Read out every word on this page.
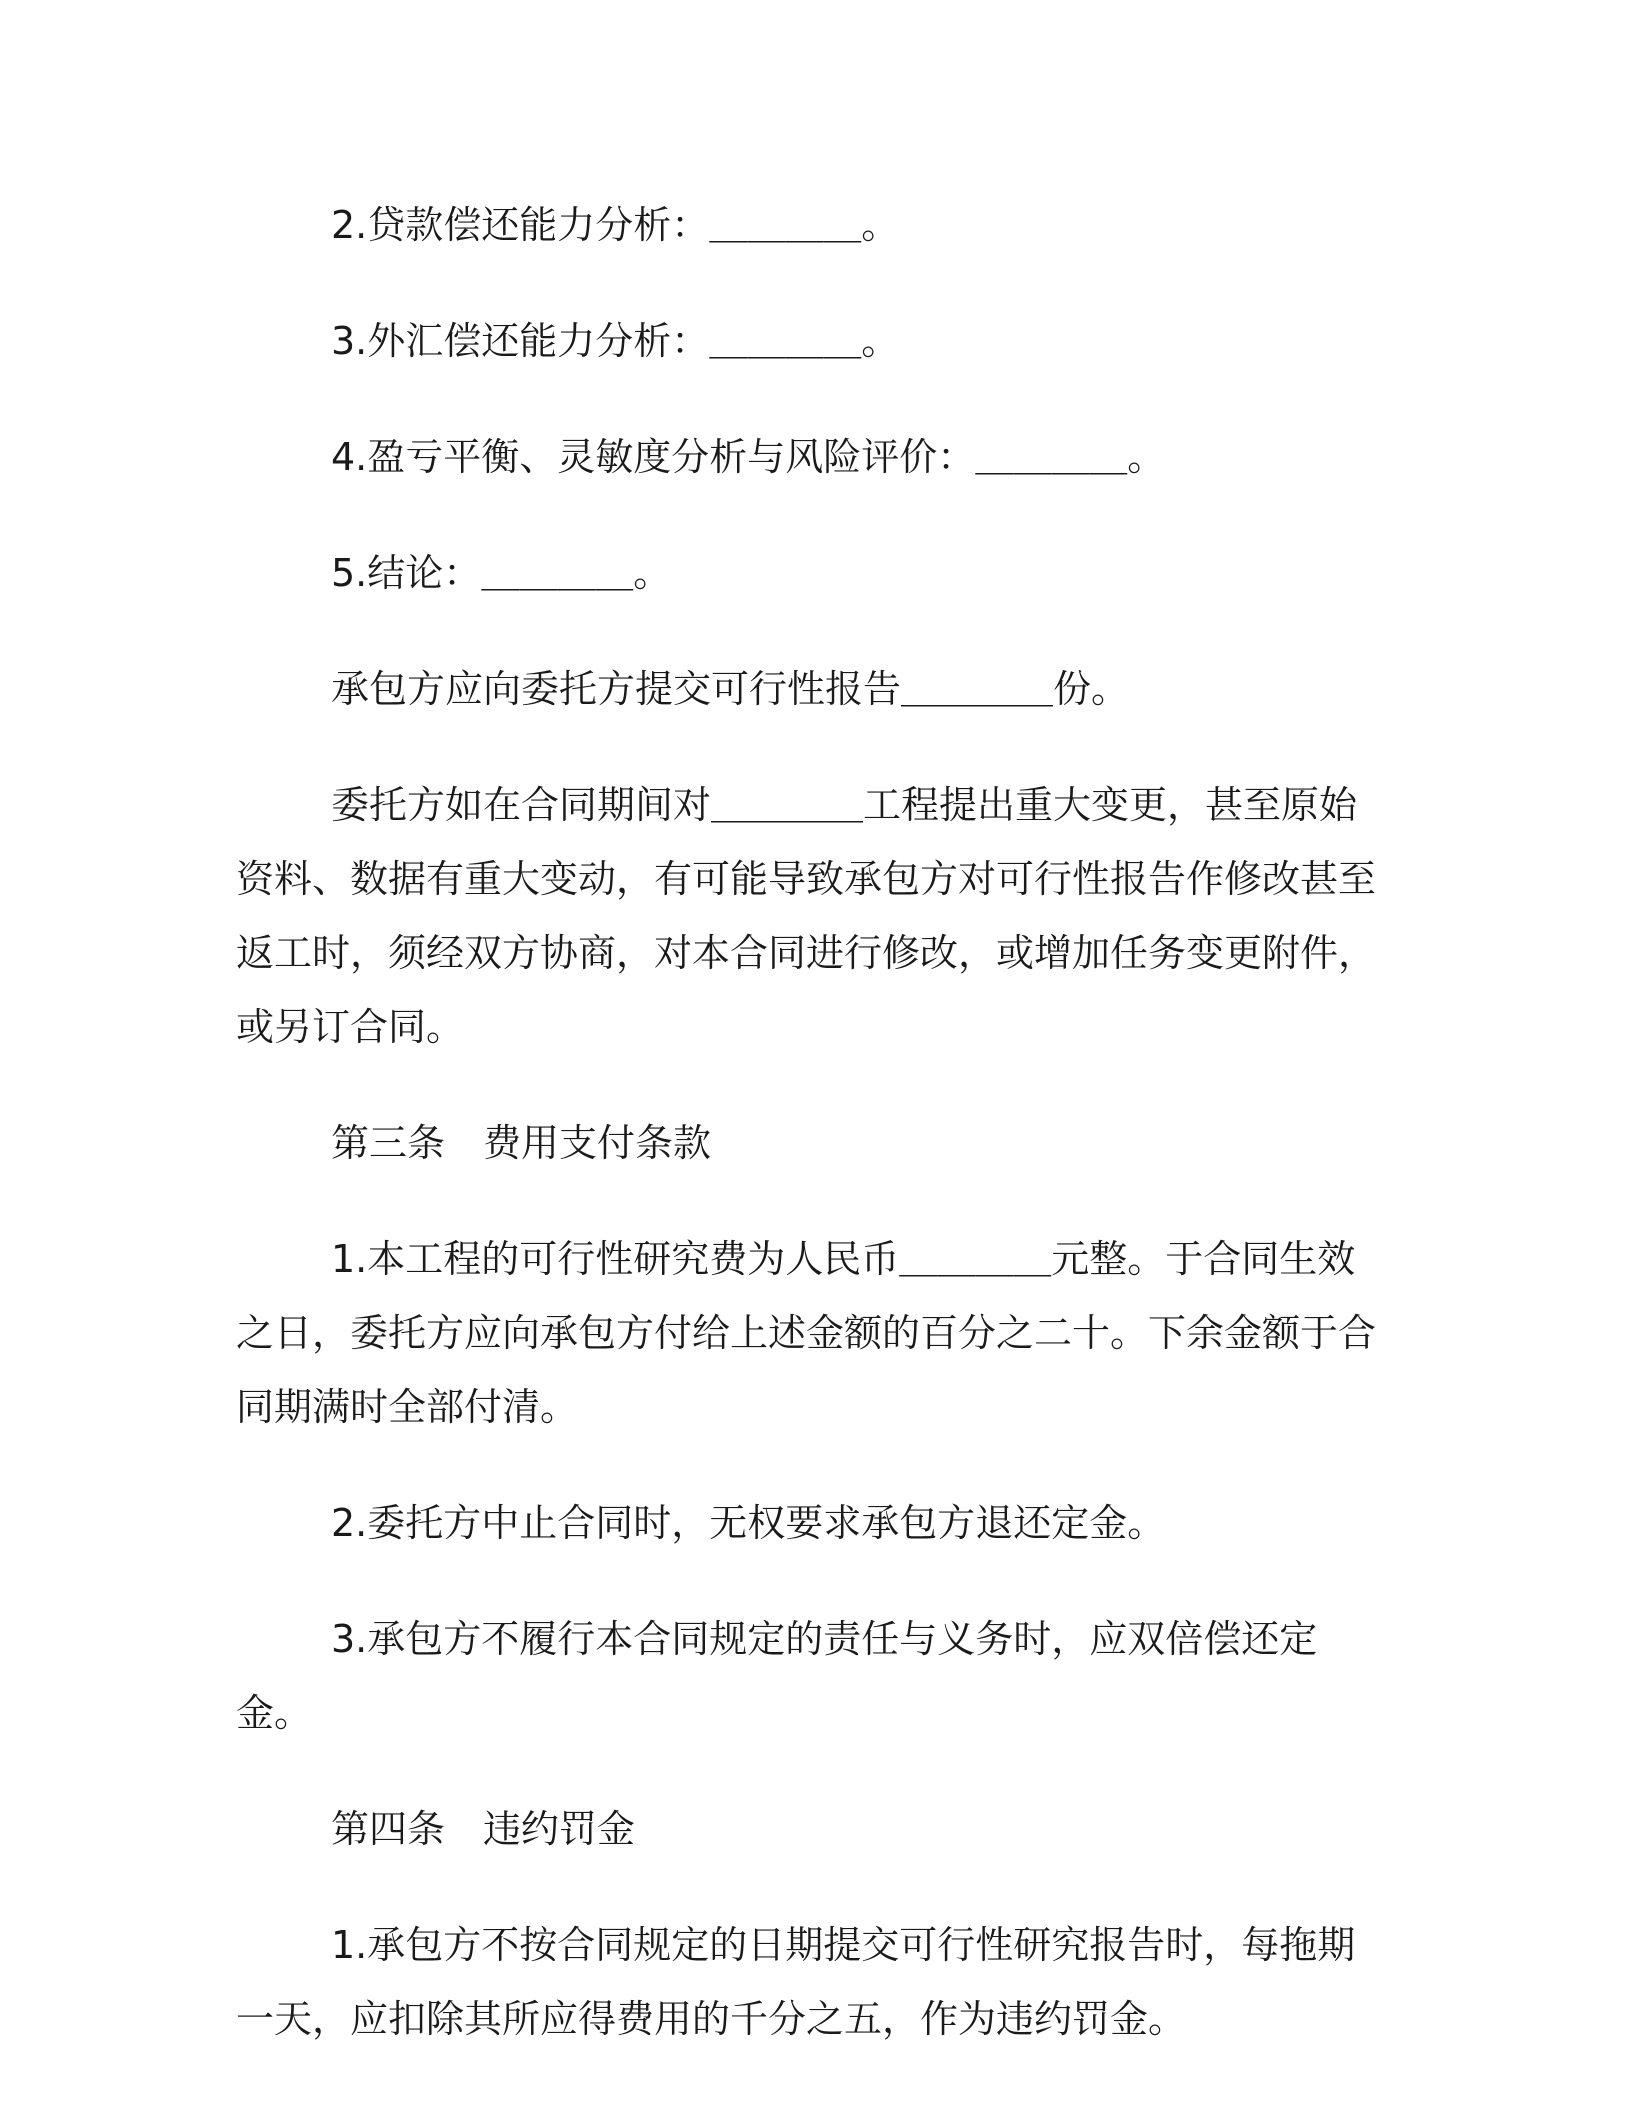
2.贷款偿还能力分析：＿＿＿＿。

3.外汇偿还能力分析：＿＿＿＿。

4.盈亏平衡、灵敏度分析与风险评价：＿＿＿＿。

5.结论：＿＿＿＿。

承包方应向委托方提交可行性报告＿＿＿＿份。

委托方如在合同期间对＿＿＿＿工程提出重大变更，甚至原始资料、数据有重大变动，有可能导致承包方对可行性报告作修改甚至返工时，须经双方协商，对本合同进行修改，或增加任务变更附件，或另订合同。

第三条　费用支付条款

1.本工程的可行性研究费为人民币＿＿＿＿元整。于合同生效之日，委托方应向承包方付给上述金额的百分之二十。下余金额于合同期满时全部付清。

2.委托方中止合同时，无权要求承包方退还定金。

3.承包方不履行本合同规定的责任与义务时，应双倍偿还定金。

第四条　违约罚金

1.承包方不按合同规定的日期提交可行性研究报告时，每拖期一天，应扣除其所应得费用的千分之五，作为违约罚金。
